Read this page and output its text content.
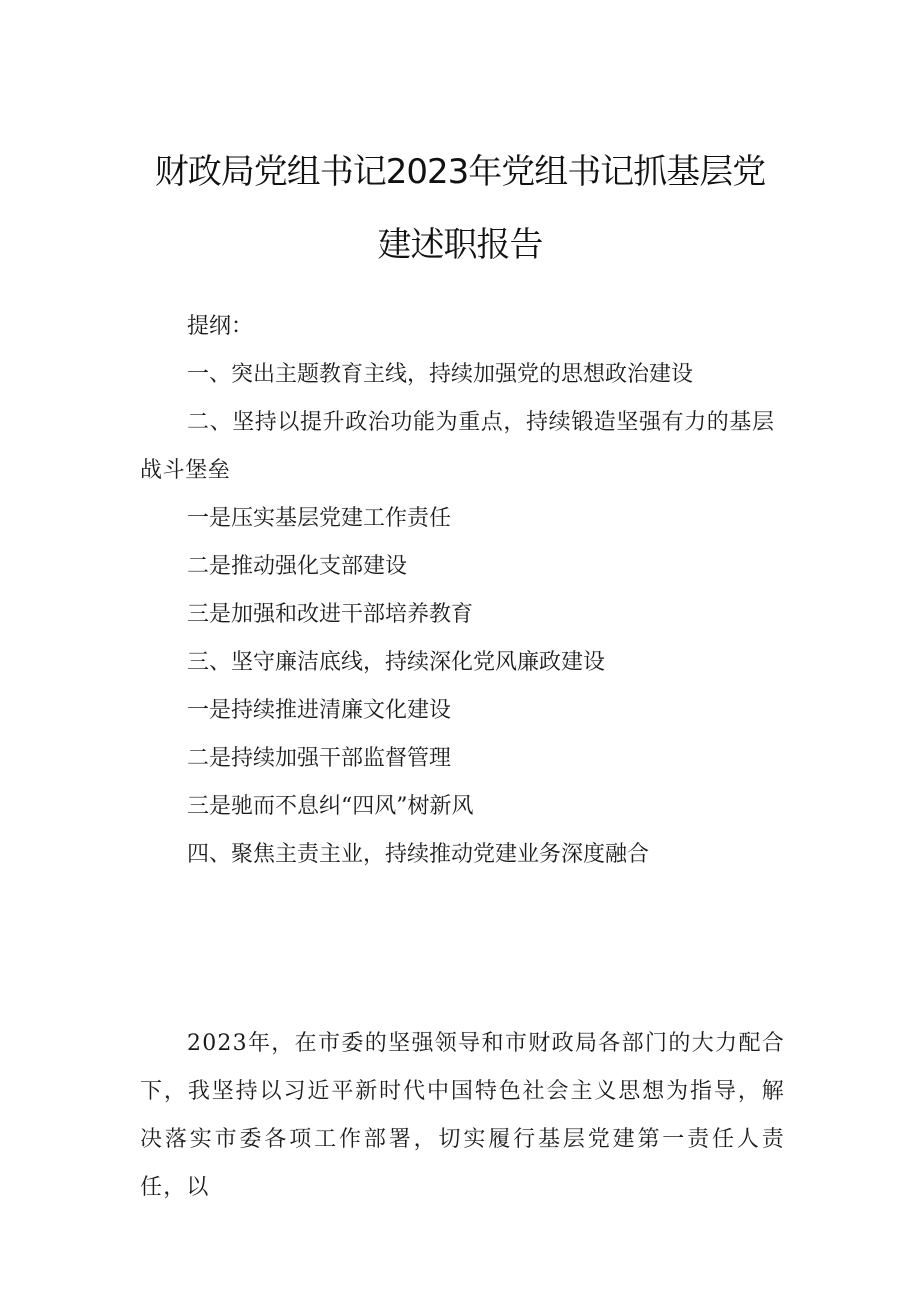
财政局党组书记2023年党组书记抓基层党
建述职报告
提纲：
一、突出主题教育主线，持续加强党的思想政治建设
二、坚持以提升政治功能为重点，持续锻造坚强有力的基层战斗堡垒
一是压实基层党建工作责任
二是推动强化支部建设
三是加强和改进干部培养教育
三、坚守廉洁底线，持续深化党风廉政建设
一是持续推进清廉文化建设
二是持续加强干部监督管理
三是驰而不息纠“四风”树新风
四、聚焦主责主业，持续推动党建业务深度融合
2023年，在市委的坚强领导和市财政局各部门的大力配合下，我坚持以习近平新时代中国特色社会主义思想为指导，解决落实市委各项工作部署，切实履行基层党建第一责任人责任，以
